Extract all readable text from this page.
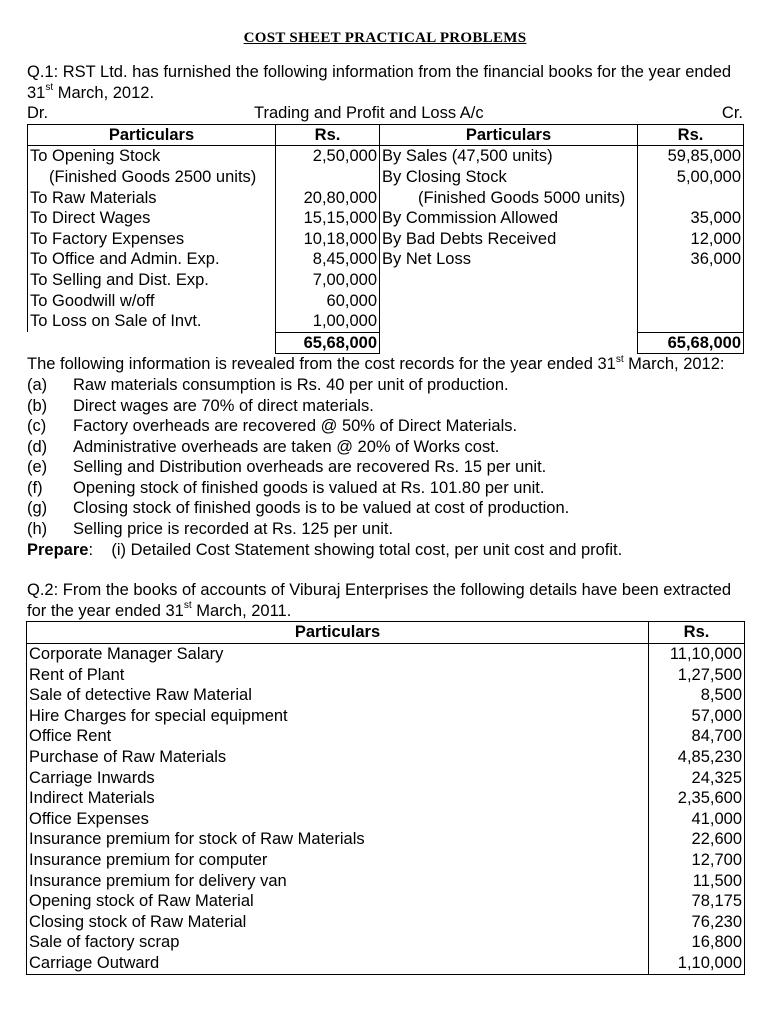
COST SHEET PRACTICAL PROBLEMS

Q.1: RST Ltd. has furnished the following information from the financial books for the year ended 31st March, 2012.

Dr.	Trading and Profit and Loss A/c	Cr.
Particulars	Rs.	Particulars	Rs.
To Opening Stock	2,50,000	By Sales (47,500 units)	59,85,000
(Finished Goods 2500 units)		By Closing Stock	5,00,000
To Raw Materials	20,80,000	(Finished Goods 5000 units)	
To Direct Wages	15,15,000	By Commission Allowed	35,000
To Factory Expenses	10,18,000	By Bad Debts Received	12,000
To Office and Admin. Exp.	8,45,000	By Net Loss	36,000
To Selling and Dist. Exp.	7,00,000		
To Goodwill w/off	60,000		
To Loss on Sale of Invt.	1,00,000		
	65,68,000		65,68,000

The following information is revealed from the cost records for the year ended 31st March, 2012:

(a)	Raw materials consumption is Rs. 40 per unit of production.
(b)	Direct wages are 70% of direct materials.
(c)	Factory overheads are recovered @ 50% of Direct Materials.
(d)	Administrative overheads are taken @ 20% of Works cost.
(e)	Selling and Distribution overheads are recovered Rs. 15 per unit.
(f)	Opening stock of finished goods is valued at Rs. 101.80 per unit.
(g)	Closing stock of finished goods is to be valued at cost of production.
(h)	Selling price is recorded at Rs. 125 per unit.

Prepare:    (i) Detailed Cost Statement showing total cost, per unit cost and profit.

Q.2: From the books of accounts of Viburaj Enterprises the following details have been extracted for the year ended 31st March, 2011.

Particulars	Rs.
Corporate Manager Salary	11,10,000
Rent of Plant	1,27,500
Sale of detective Raw Material	8,500
Hire Charges for special equipment	57,000
Office Rent	84,700
Purchase of Raw Materials	4,85,230
Carriage Inwards	24,325
Indirect Materials	2,35,600
Office Expenses	41,000
Insurance premium for stock of Raw Materials	22,600
Insurance premium for computer	12,700
Insurance premium for delivery van	11,500
Opening stock of Raw Material	78,175
Closing stock of Raw Material	76,230
Sale of factory scrap	16,800
Carriage Outward	1,10,000
